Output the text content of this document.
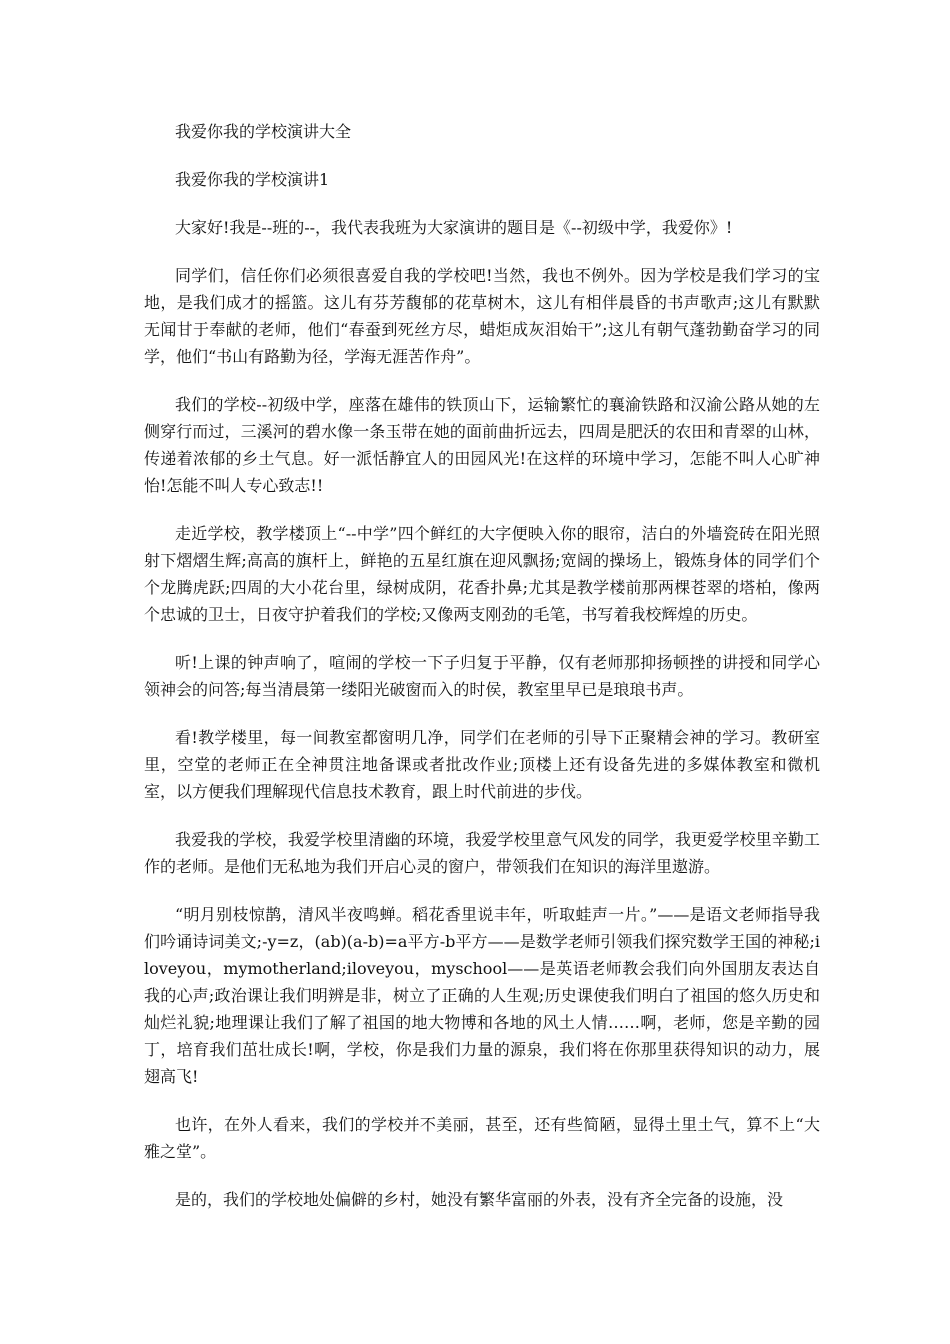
我爱你我的学校演讲大全

我爱你我的学校演讲1

大家好!我是--班的--，我代表我班为大家演讲的题目是《--初级中学，我爱你》!

同学们，信任你们必须很喜爱自我的学校吧!当然，我也不例外。因为学校是我们学习的宝地，是我们成才的摇篮。这儿有芬芳馥郁的花草树木，这儿有相伴晨昏的书声歌声;这儿有默默无闻甘于奉献的老师，他们“春蚕到死丝方尽，蜡炬成灰泪始干”;这儿有朝气蓬勃勤奋学习的同学，他们“书山有路勤为径，学海无涯苦作舟”。

我们的学校--初级中学，座落在雄伟的铁顶山下，运输繁忙的襄渝铁路和汉渝公路从她的左侧穿行而过，三溪河的碧水像一条玉带在她的面前曲折远去，四周是肥沃的农田和青翠的山林，传递着浓郁的乡土气息。好一派恬静宜人的田园风光!在这样的环境中学习，怎能不叫人心旷神怡!怎能不叫人专心致志!!

走近学校，教学楼顶上“--中学”四个鲜红的大字便映入你的眼帘，洁白的外墙瓷砖在阳光照射下熠熠生辉;高高的旗杆上，鲜艳的五星红旗在迎风飘扬;宽阔的操场上，锻炼身体的同学们个个龙腾虎跃;四周的大小花台里，绿树成阴，花香扑鼻;尤其是教学楼前那两棵苍翠的塔柏，像两个忠诚的卫士，日夜守护着我们的学校;又像两支刚劲的毛笔，书写着我校辉煌的历史。

听!上课的钟声响了，喧闹的学校一下子归复于平静，仅有老师那抑扬顿挫的讲授和同学心领神会的问答;每当清晨第一缕阳光破窗而入的时侯，教室里早已是琅琅书声。

看!教学楼里，每一间教室都窗明几净，同学们在老师的引导下正聚精会神的学习。教研室里，空堂的老师正在全神贯注地备课或者批改作业;顶楼上还有设备先进的多媒体教室和微机室，以方便我们理解现代信息技术教育，跟上时代前进的步伐。

我爱我的学校，我爱学校里清幽的环境，我爱学校里意气风发的同学，我更爱学校里辛勤工作的老师。是他们无私地为我们开启心灵的窗户，带领我们在知识的海洋里遨游。

“明月别枝惊鹊，清风半夜鸣蝉。稻花香里说丰年，听取蛙声一片。”——是语文老师指导我们吟诵诗词美文;-y=z，(ab)(a-b)=a平方-b平方——是数学老师引领我们探究数学王国的神秘;iloveyou，mymotherland;iloveyou，myschool——是英语老师教会我们向外国朋友表达自我的心声;政治课让我们明辨是非，树立了正确的人生观;历史课使我们明白了祖国的悠久历史和灿烂礼貌;地理课让我们了解了祖国的地大物博和各地的风土人情……啊，老师，您是辛勤的园丁，培育我们茁壮成长!啊，学校，你是我们力量的源泉，我们将在你那里获得知识的动力，展翅高飞!

也许，在外人看来，我们的学校并不美丽，甚至，还有些简陋，显得土里土气，算不上“大雅之堂”。

是的，我们的学校地处偏僻的乡村，她没有繁华富丽的外表，没有齐全完备的设施，没
